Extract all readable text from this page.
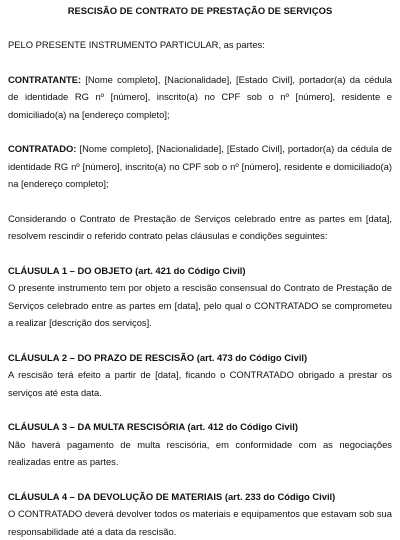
RESCISÃO DE CONTRATO DE PRESTAÇÃO DE SERVIÇOS

PELO PRESENTE INSTRUMENTO PARTICULAR, as partes:

CONTRATANTE: [Nome completo], [Nacionalidade], [Estado Civil], portador(a) da cédula de identidade RG nº [número], inscrito(a) no CPF sob o nº [número], residente e domiciliado(a) na [endereço completo];

CONTRATADO: [Nome completo], [Nacionalidade], [Estado Civil], portador(a) da cédula de identidade RG nº [número], inscrito(a) no CPF sob o nº [número], residente e domiciliado(a) na [endereço completo];

Considerando o Contrato de Prestação de Serviços celebrado entre as partes em [data], resolvem rescindir o referido contrato pelas cláusulas e condições seguintes:

CLÁUSULA 1 – DO OBJETO (art. 421 do Código Civil)

O presente instrumento tem por objeto a rescisão consensual do Contrato de Prestação de Serviços celebrado entre as partes em [data], pelo qual o CONTRATADO se comprometeu a realizar [descrição dos serviços].

CLÁUSULA 2 – DO PRAZO DE RESCISÃO (art. 473 do Código Civil)

A rescisão terá efeito a partir de [data], ficando o CONTRATADO obrigado a prestar os serviços até esta data.

CLÁUSULA 3 – DA MULTA RESCISÓRIA (art. 412 do Código Civil)

Não haverá pagamento de multa rescisória, em conformidade com as negociações realizadas entre as partes.

CLÁUSULA 4 – DA DEVOLUÇÃO DE MATERIAIS (art. 233 do Código Civil)

O CONTRATADO deverá devolver todos os materiais e equipamentos que estavam sob sua responsabilidade até a data da rescisão.
